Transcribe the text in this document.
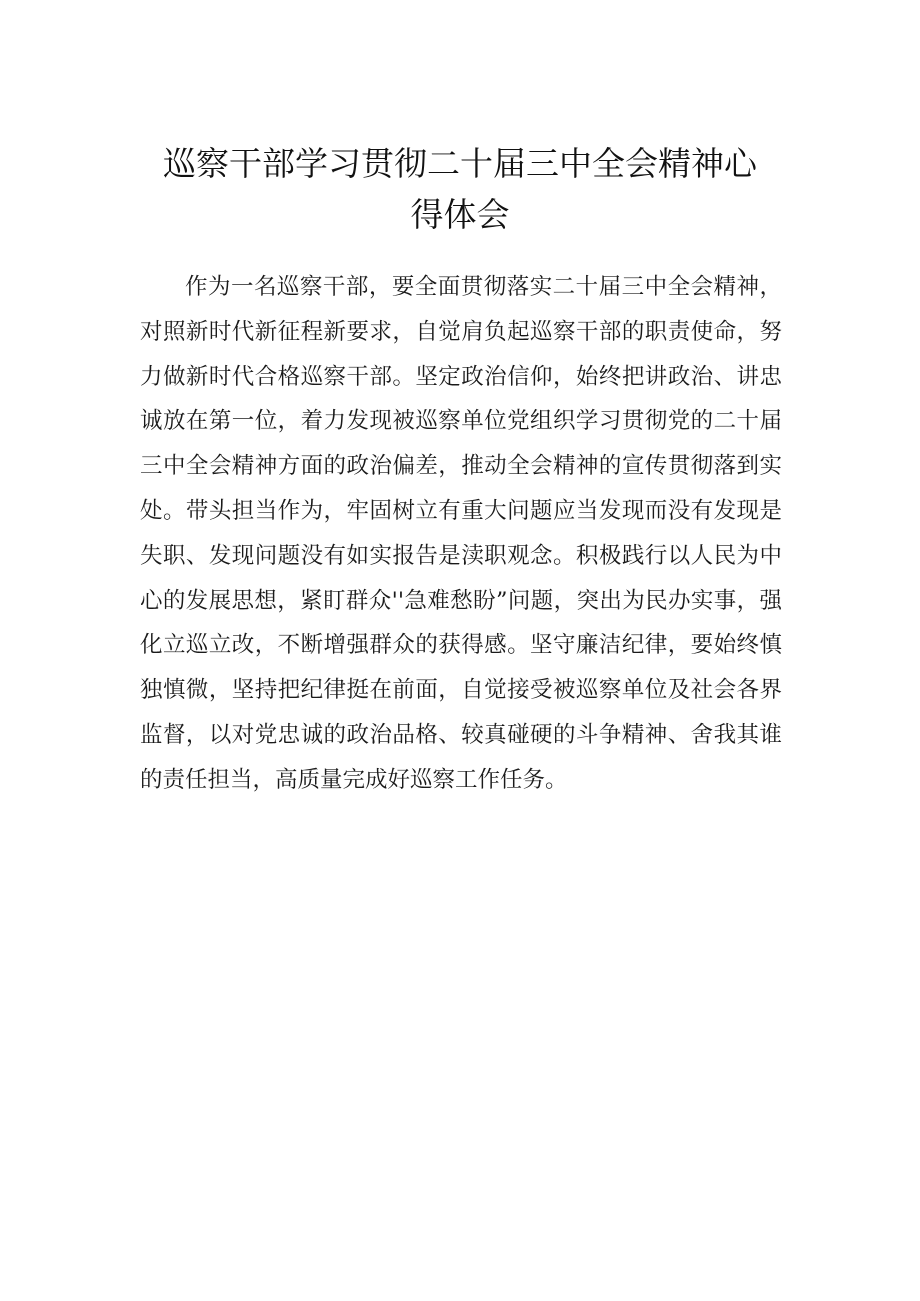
巡察干部学习贯彻二十届三中全会精神心
得体会

作为一名巡察干部，要全面贯彻落实二十届三中全会精神，对照新时代新征程新要求，自觉肩负起巡察干部的职责使命，努力做新时代合格巡察干部。坚定政治信仰，始终把讲政治、讲忠诚放在第一位，着力发现被巡察单位党组织学习贯彻党的二十届三中全会精神方面的政治偏差，推动全会精神的宣传贯彻落到实处。带头担当作为，牢固树立有重大问题应当发现而没有发现是失职、发现问题没有如实报告是渎职观念。积极践行以人民为中心的发展思想，紧盯群众''急难愁盼”问题，突出为民办实事，强化立巡立改，不断增强群众的获得感。坚守廉洁纪律，要始终慎独慎微，坚持把纪律挺在前面，自觉接受被巡察单位及社会各界监督，以对党忠诚的政治品格、较真碰硬的斗争精神、舍我其谁的责任担当，高质量完成好巡察工作任务。
